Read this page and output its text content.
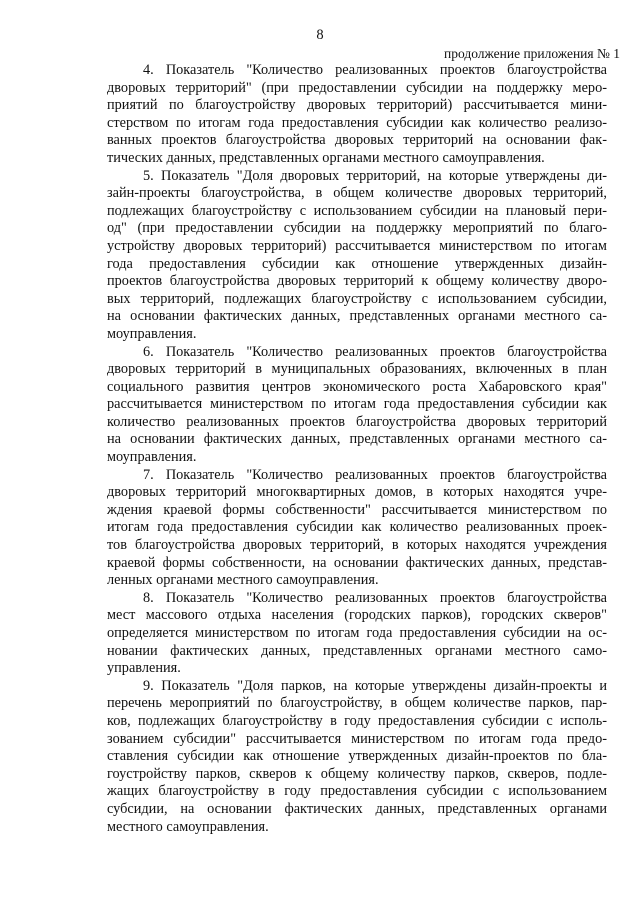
8
продолжение приложения № 1
4. Показатель "Количество реализованных проектов благоустройства
дворовых территорий" (при предоставлении субсидии на поддержку меро-
приятий по благоустройству дворовых территорий) рассчитывается мини-
стерством по итогам года предоставления субсидии как количество реализо-
ванных проектов благоустройства дворовых территорий на основании фак-
тических данных, представленных органами местного самоуправления.
5. Показатель "Доля дворовых территорий, на которые утверждены ди-
зайн-проекты благоустройства, в общем количестве дворовых территорий,
подлежащих благоустройству с использованием субсидии на плановый пери-
од" (при предоставлении субсидии на поддержку мероприятий по благо-
устройству дворовых территорий) рассчитывается министерством по итогам
года предоставления субсидии как отношение утвержденных дизайн-
проектов благоустройства дворовых территорий к общему количеству дворо-
вых территорий, подлежащих благоустройству с использованием субсидии,
на основании фактических данных, представленных органами местного са-
моуправления.
6. Показатель "Количество реализованных проектов благоустройства
дворовых территорий в муниципальных образованиях, включенных в план
социального развития центров экономического роста Хабаровского края"
рассчитывается министерством по итогам года предоставления субсидии как
количество реализованных проектов благоустройства дворовых территорий
на основании фактических данных, представленных органами местного са-
моуправления.
7. Показатель "Количество реализованных проектов благоустройства
дворовых территорий многоквартирных домов, в которых находятся учре-
ждения краевой формы собственности" рассчитывается министерством по
итогам года предоставления субсидии как количество реализованных проек-
тов благоустройства дворовых территорий, в которых находятся учреждения
краевой формы собственности, на основании фактических данных, представ-
ленных органами местного самоуправления.
8. Показатель "Количество реализованных проектов благоустройства
мест массового отдыха населения (городских парков), городских скверов"
определяется министерством по итогам года предоставления субсидии на ос-
новании фактических данных, представленных органами местного само-
управления.
9. Показатель "Доля парков, на которые утверждены дизайн-проекты и
перечень мероприятий по благоустройству, в общем количестве парков, пар-
ков, подлежащих благоустройству в году предоставления субсидии с исполь-
зованием субсидии" рассчитывается министерством по итогам года предо-
ставления субсидии как отношение утвержденных дизайн-проектов по бла-
гоустройству парков, скверов к общему количеству парков, скверов, подле-
жащих благоустройству в году предоставления субсидии с использованием
субсидии, на основании фактических данных, представленных органами
местного самоуправления.
